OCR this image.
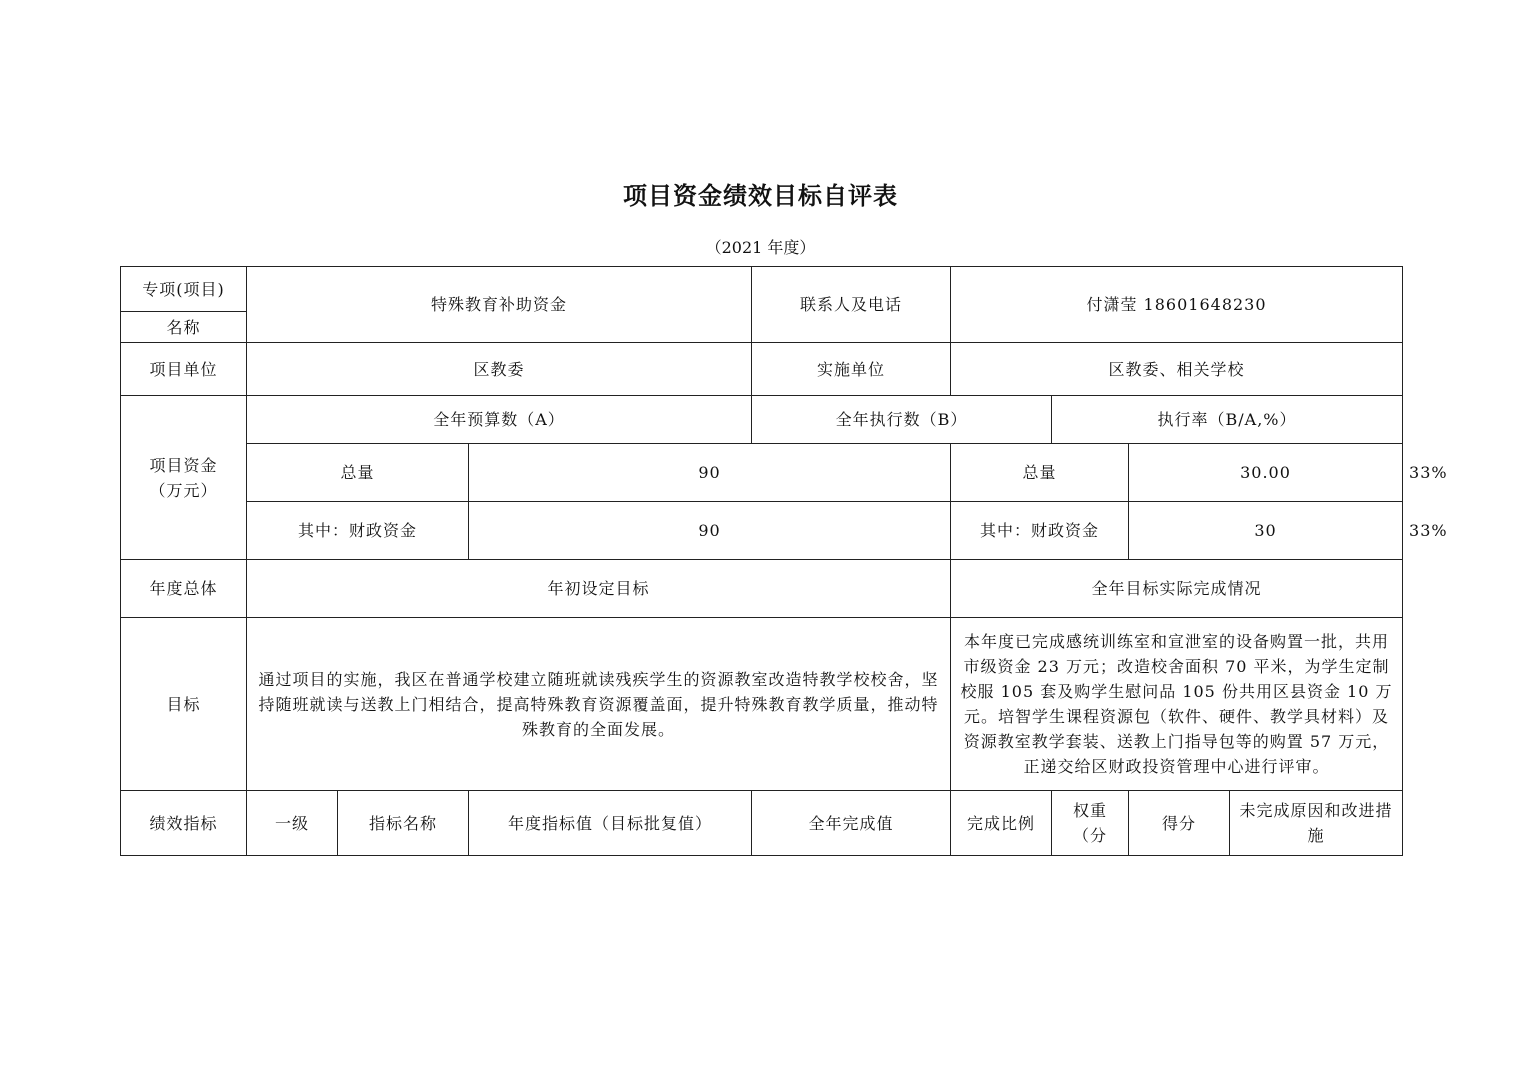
项目资金绩效目标自评表
（2021 年度）
专项(项目)	特殊教育补助资金			联系人及电话	付潇莹 18601648230				
名称									
项目单位	区教委			实施单位	区教委、相关学校				
项目资金
（万元）	全年预算数（A）			全年执行数（B）		执行率（B/A,%）			
	总量		90		总量		30.00		33%
	其中：财政资金		90		其中：财政资金		30		33%
年度总体	年初设定目标				全年目标实际完成情况				
目标	通过项目的实施，我区在普通学校建立随班就读残疾学生的资源教室改造特教学校校舍，坚持随班就读与送教上门相结合，提高特殊教育资源覆盖面，提升特殊教育教学质量，推动特殊教育的全面发展。				本年度已完成感统训练室和宣泄室的设备购置一批，共用市级资金 23 万元；改造校舍面积 70 平米，为学生定制校服 105 套及购学生慰问品 105 份共用区县资金 10 万元。培智学生课程资源包（软件、硬件、教学具材料）及资源教室教学套装、送教上门指导包等的购置 57 万元，正递交给区财政投资管理中心进行评审。				
绩效指标	一级	指标名称	年度指标值（目标批复值）	全年完成值	完成比例	权重（分	得分	未完成原因和改进措施	
